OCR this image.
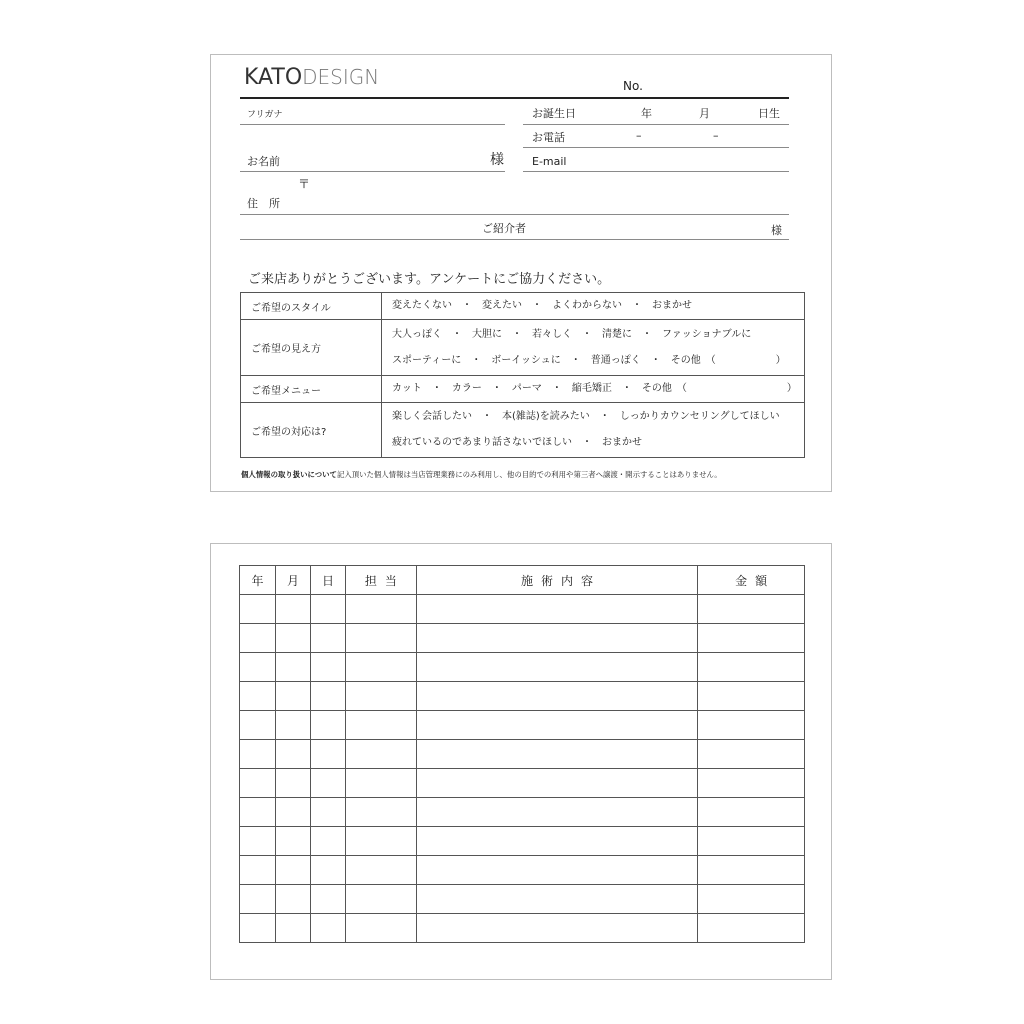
KATODESIGN	No.
フリガナ
お名前	様
お誕生日	年	月	日生
お電話	–	–
E-mail
〒
住　所
ご紹介者	様
ご来店ありがとうございます。アンケートにご協力ください。
ご希望のスタイル	変えたくない　・　変えたい　・　よくわからない　・　おまかせ

ご希望の見え方	大人っぽく　・　大胆に　・　若々しく　・　清楚に　・　ファッショナブルに
スポーティーに　・　ボーイッシュに　・　普通っぽく　・　その他　（　　　　　　）

ご希望メニュー	カット　・　カラー　・　パーマ　・　縮毛矯正　・　その他　（　　　　　　　　　　）

ご希望の対応は?	楽しく会話したい　・　本(雑誌)を読みたい　・　しっかりカウンセリングしてほしい
疲れているのであまり話さないでほしい　・　おまかせ
個人情報の取り扱いについて記入頂いた個人情報は当店管理業務にのみ利用し、他の目的での利用や第三者へ譲渡・開示することはありません。
年	月	日	担当	施術内容	金額
